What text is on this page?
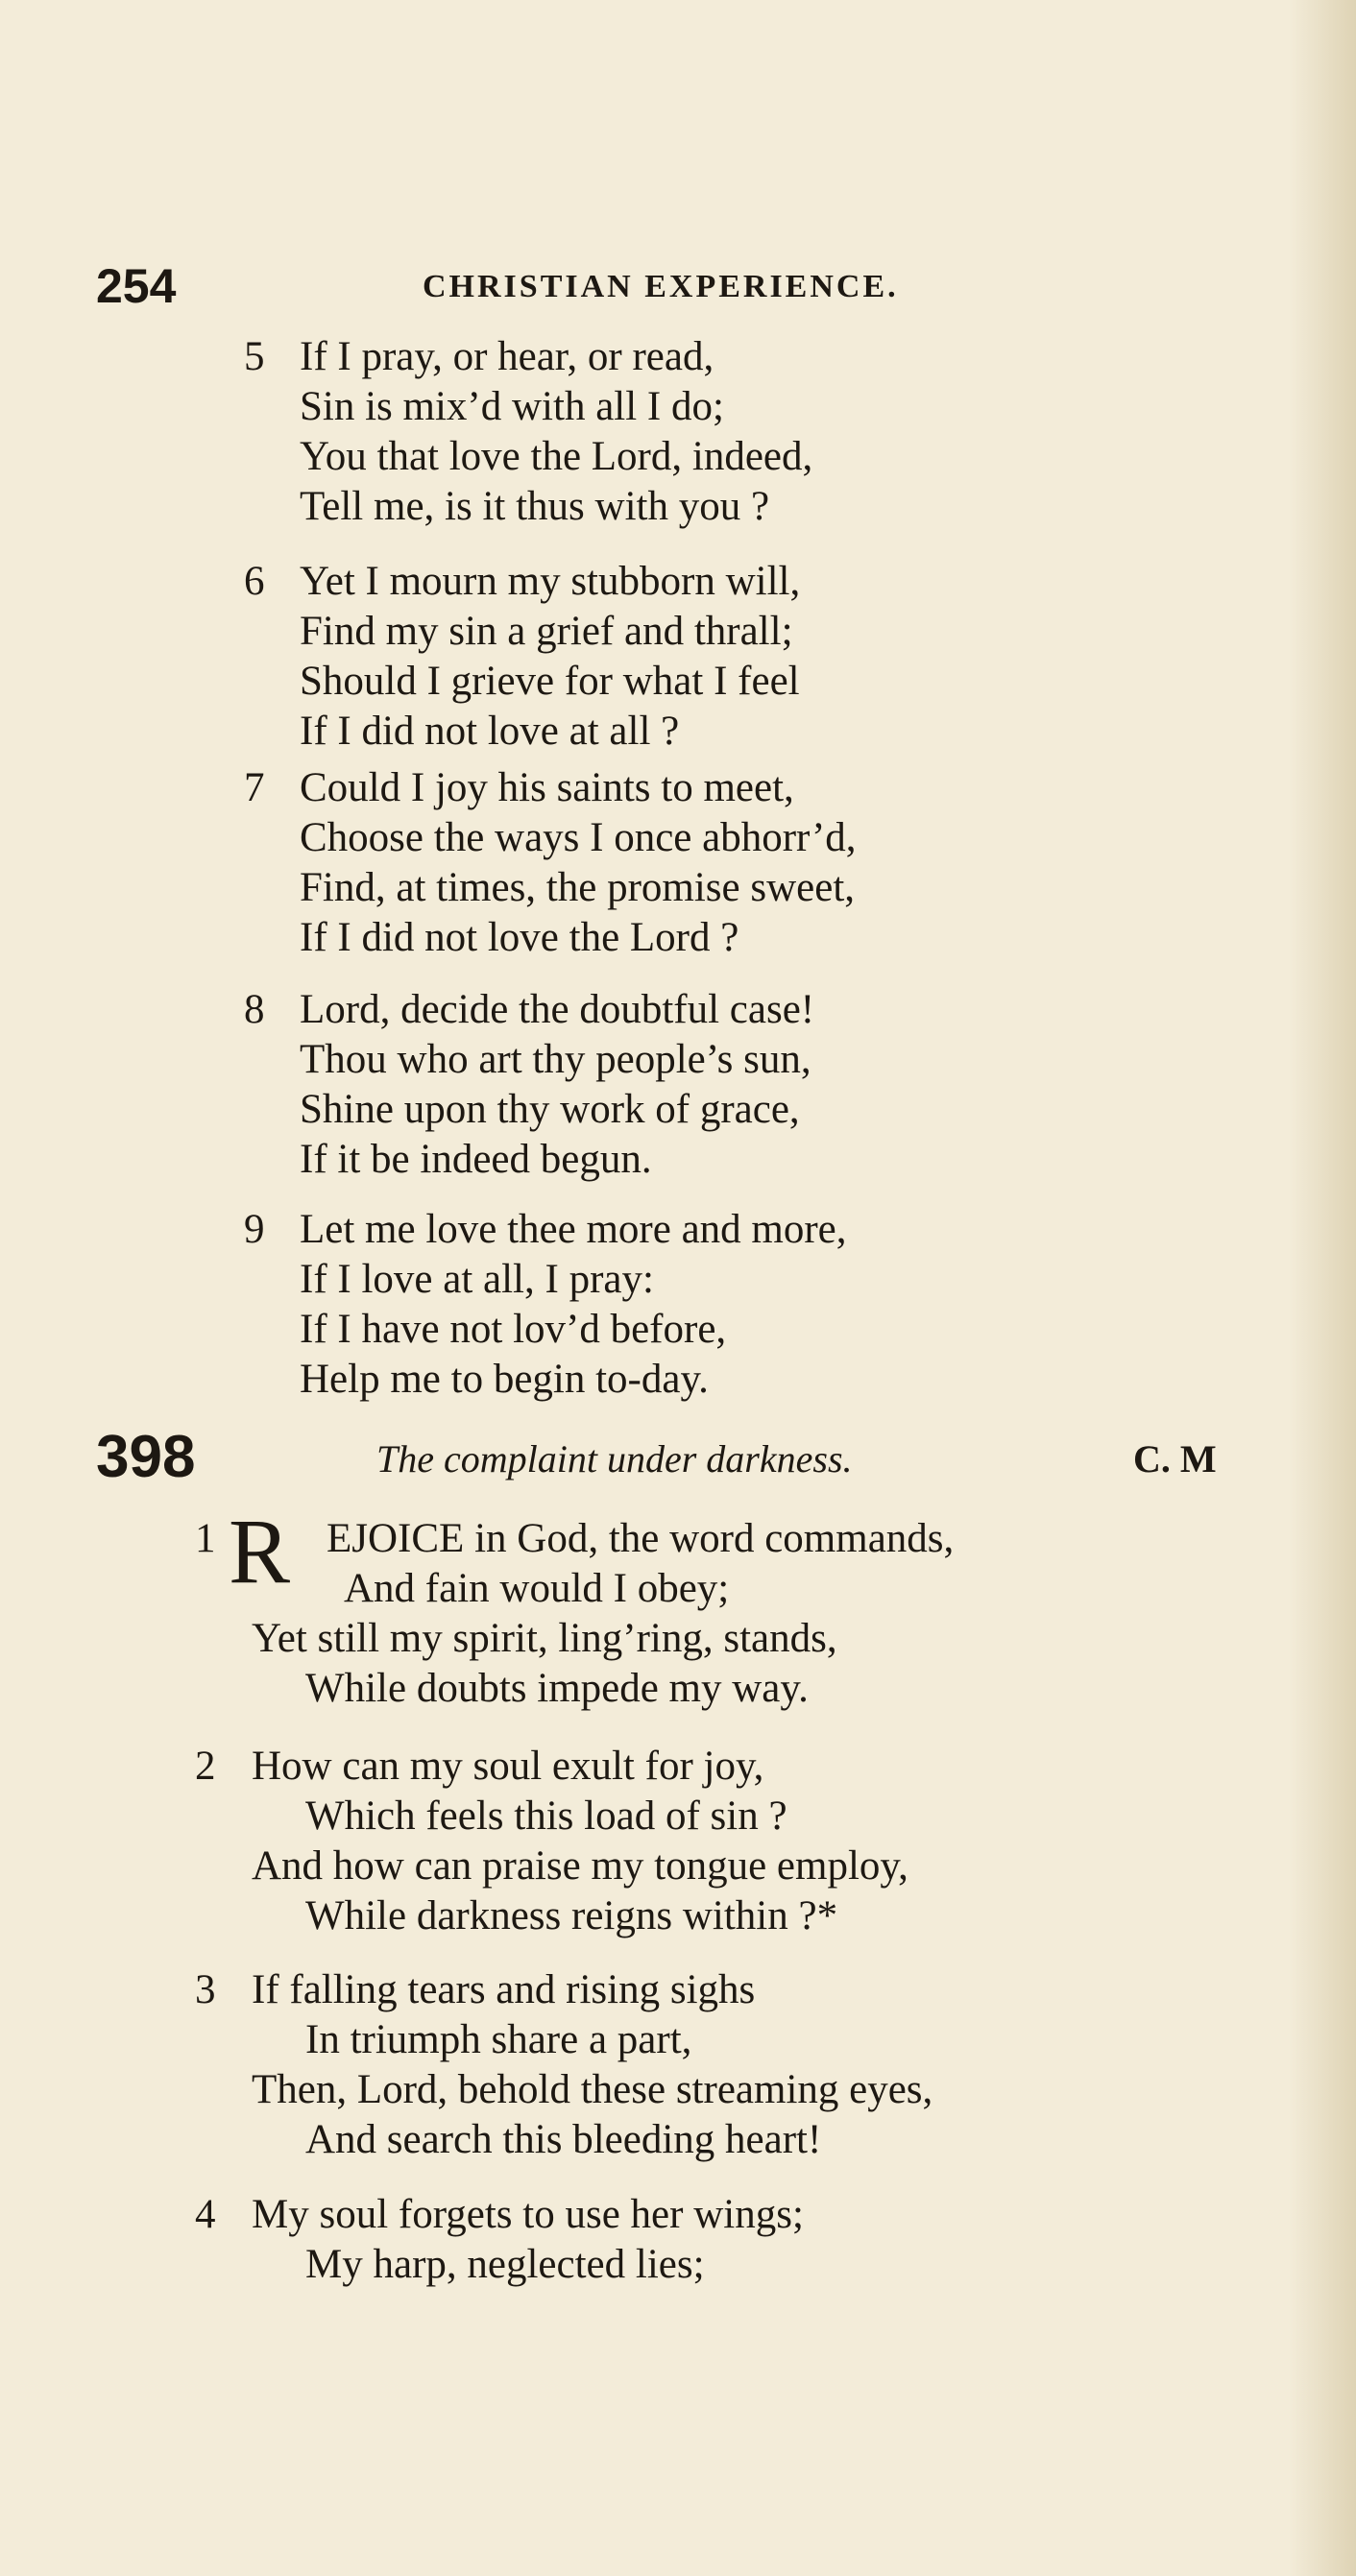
254	CHRISTIAN EXPERIENCE.
5 If I pray, or hear, or read,
Sin is mix’d with all I do;
You that love the Lord, indeed,
Tell me, is it thus with you ?
6 Yet I mourn my stubborn will,
Find my sin a grief and thrall;
Should I grieve for what I feel
If I did not love at all ?
7 Could I joy his saints to meet,
Choose the ways I once abhorr’d,
Find, at times, the promise sweet,
If I did not love the Lord ?
8 Lord, decide the doubtful case!
Thou who art thy people’s sun,
Shine upon thy work of grace,
If it be indeed begun.
9 Let me love thee more and more,
If I love at all, I pray:
If I have not lov’d before,
Help me to begin to-day.
1	EJOICE in God, the word commands,
And fain would I obey;
Yet still my spirit, ling’ring, stands,
While doubts impede my way.
2 How can my soul exult for joy,
Which feels this load of sin ?
And how can praise my tongue employ,
While darkness reigns within ?*
3 If falling tears and rising sighs
In triumph share a part,
Then, Lord, behold these streaming eyes,
And search this bleeding heart!
4 My soul forgets to use her wings;
My harp, neglected lies;
398	The complaint under darkness.	C. M
R
